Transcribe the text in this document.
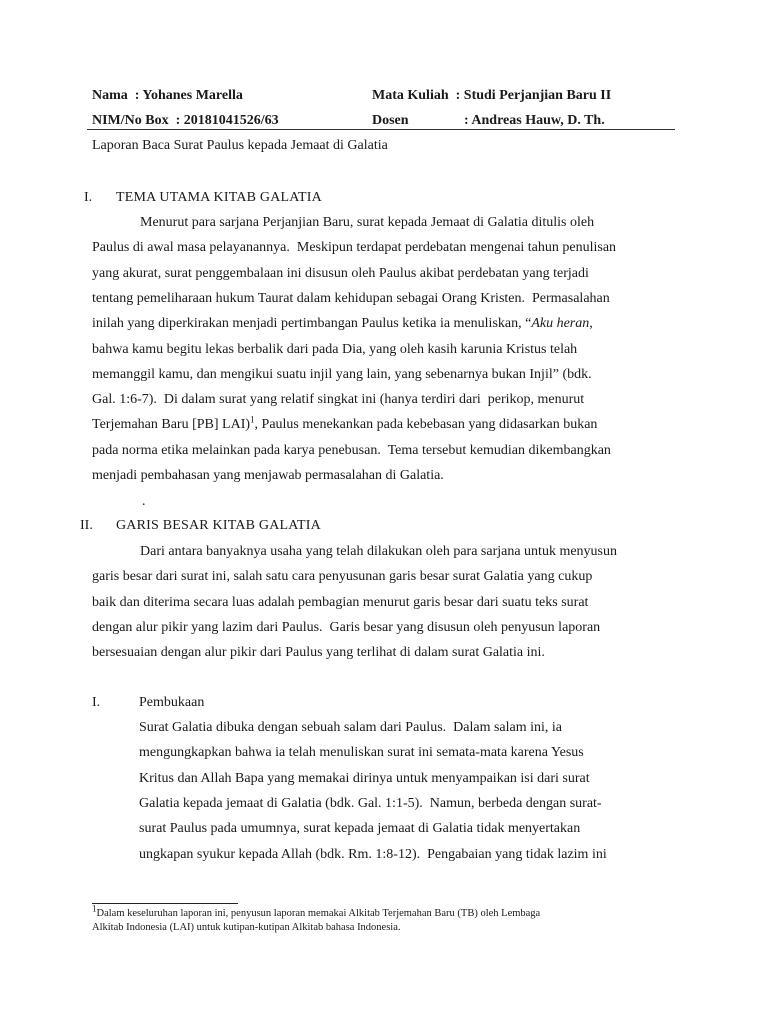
Nama  : Yohanes Marella
NIM/No Box  : 20181041526/63
Mata Kuliah  : Studi Perjanjian Baru II
Dosen	: Andreas Hauw, D. Th.
Laporan Baca Surat Paulus kepada Jemaat di Galatia
I. TEMA UTAMA KITAB GALATIA
Menurut para sarjana Perjanjian Baru, surat kepada Jemaat di Galatia ditulis oleh
Paulus di awal masa pelayanannya.  Meskipun terdapat perdebatan mengenai tahun penulisan
yang akurat, surat penggembalaan ini disusun oleh Paulus akibat perdebatan yang terjadi
tentang pemeliharaan hukum Taurat dalam kehidupan sebagai Orang Kristen.  Permasalahan
inilah yang diperkirakan menjadi pertimbangan Paulus ketika ia menuliskan, “Aku heran,
bahwa kamu begitu lekas berbalik dari pada Dia, yang oleh kasih karunia Kristus telah
memanggil kamu, dan mengikui suatu injil yang lain, yang sebenarnya bukan Injil” (bdk.
Gal. 1:6-7).  Di dalam surat yang relatif singkat ini (hanya terdiri dari  perikop, menurut
Terjemahan Baru [PB] LAI)$^1$, Paulus menekankan pada kebebasan yang didasarkan bukan
pada norma etika melainkan pada karya penebusan.  Tema tersebut kemudian dikembangkan
menjadi pembahasan yang menjawab permasalahan di Galatia.
.
II. GARIS BESAR KITAB GALATIA
Dari antara banyaknya usaha yang telah dilakukan oleh para sarjana untuk menyusun
garis besar dari surat ini, salah satu cara penyusunan garis besar surat Galatia yang cukup
baik dan diterima secara luas adalah pembagian menurut garis besar dari suatu teks surat
dengan alur pikir yang lazim dari Paulus.  Garis besar yang disusun oleh penyusun laporan
bersesuaian dengan alur pikir dari Paulus yang terlihat di dalam surat Galatia ini.
I.	Pembukaan
Surat Galatia dibuka dengan sebuah salam dari Paulus.  Dalam salam ini, ia
mengungkapkan bahwa ia telah menuliskan surat ini semata-mata karena Yesus
Kritus dan Allah Bapa yang memakai dirinya untuk menyampaikan isi dari surat
Galatia kepada jemaat di Galatia (bdk. Gal. 1:1-5).  Namun, berbeda dengan surat-
surat Paulus pada umumnya, surat kepada jemaat di Galatia tidak menyertakan
ungkapan syukur kepada Allah (bdk. Rm. 1:8-12).  Pengabaian yang tidak lazim ini
$^1$Dalam keseluruhan laporan ini, penyusun laporan memakai Alkitab Terjemahan Baru (TB) oleh Lembaga
Alkitab Indonesia (LAI) untuk kutipan-kutipan Alkitab bahasa Indonesia.
